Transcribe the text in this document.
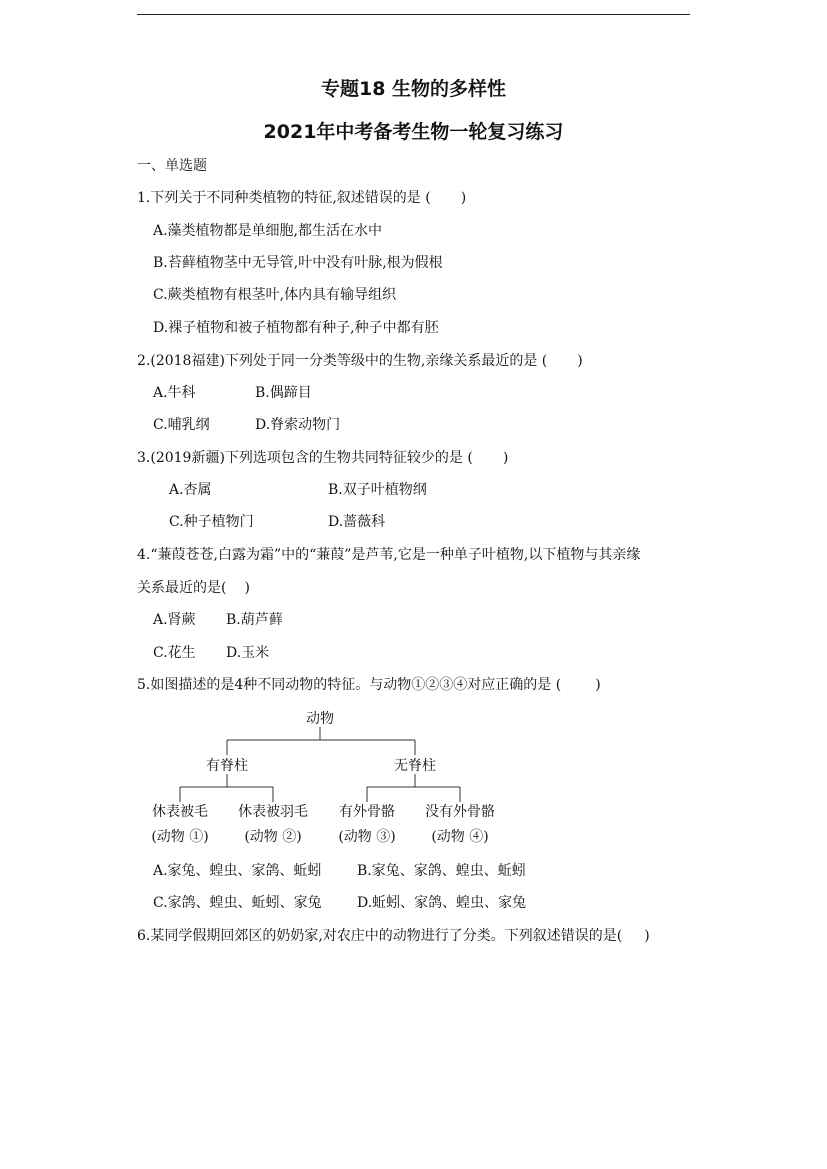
专题18 生物的多样性
2021年中考备考生物一轮复习练习
一、单选题
1.下列关于不同种类植物的特征,叙述错误的是 ( )
A.藻类植物都是单细胞,都生活在水中
B.苔藓植物茎中无导管,叶中没有叶脉,根为假根
C.蕨类植物有根茎叶,体内具有输导组织
D.裸子植物和被子植物都有种子,种子中都有胚
2.(2018福建)下列处于同一分类等级中的生物,亲缘关系最近的是 ( )
A.牛科	B.偶蹄目
C.哺乳纲	D.脊索动物门
3.(2019新疆)下列选项包含的生物共同特征较少的是 ( )
A.杏属	B.双子叶植物纲
C.种子植物门	D.蔷薇科
4.“蒹葭苍苍,白露为霜”中的“蒹葭”是芦苇,它是一种单子叶植物,以下植物与其亲缘
关系最近的是( )
A.肾蕨 B.葫芦藓
C.花生 D.玉米
5.如图描述的是4种不同动物的特征。与动物①②③④对应正确的是 ( )
动物
有脊柱	无脊柱
休表被毛 休表被羽毛 有外骨骼 没有外骨骼
(动物 ①)	(动物 ②)	(动物 ③)	(动物 ④)
A.家兔、蝗虫、家鸽、蚯蚓	B.家兔、家鸽、蝗虫、蚯蚓
C.家鸽、蝗虫、蚯蚓、家兔	D.蚯蚓、家鸽、蝗虫、家兔
6.某同学假期回郊区的奶奶家,对农庄中的动物进行了分类。下列叙述错误的是( )
